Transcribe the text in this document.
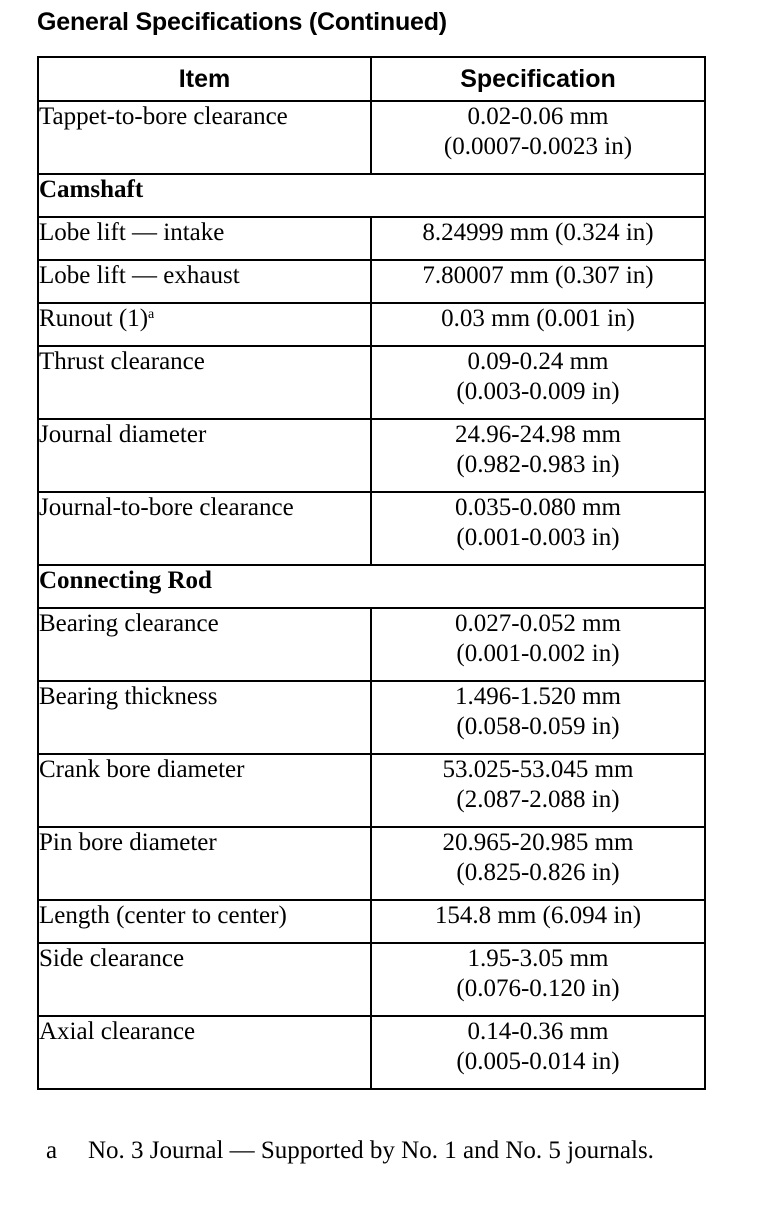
General Specifications (Continued)
Item	Specification
Tappet-to-bore clearance	0.02-0.06 mm
(0.0007-0.0023 in)

Camshaft	
Lobe lift — intake	8.24999 mm (0.324 in)

Lobe lift — exhaust	7.80007 mm (0.307 in)

Runout $(1)^a$	0.03 mm (0.001 in)

Thrust clearance	0.09-0.24 mm
(0.003-0.009 in)

Journal diameter	24.96-24.98 mm
(0.982-0.983 in)

Journal-to-bore clearance	0.035-0.080 mm
(0.001-0.003 in)

Connecting Rod	
Bearing clearance	0.027-0.052 mm
(0.001-0.002 in)

Bearing thickness	1.496-1.520 mm
(0.058-0.059 in)

Crank bore diameter	53.025-53.045 mm
(2.087-2.088 in)

Pin bore diameter	20.965-20.985 mm
(0.825-0.826 in)

Length (center to center)	154.8 mm (6.094 in)

Side clearance	1.95-3.05 mm
(0.076-0.120 in)

Axial clearance	0.14-0.36 mm
(0.005-0.014 in)
a No. 3 Journal — Supported by No. 1 and No. 5 journals.
